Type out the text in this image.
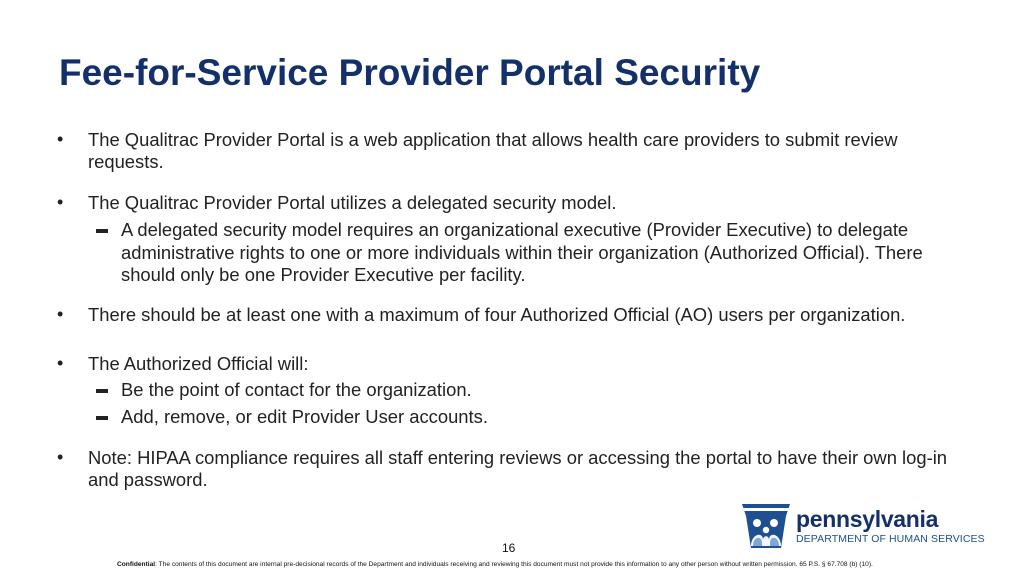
Fee-for-Service Provider Portal Security
• The Qualitrac Provider Portal is a web application that allows health care providers to submit review requests.
• The Qualitrac Provider Portal utilizes a delegated security model.
A delegated security model requires an organizational executive (Provider Executive) to delegate administrative rights to one or more individuals within their organization (Authorized Official). There should only be one Provider Executive per facility.
• There should be at least one with a maximum of four Authorized Official (AO) users per organization.
• The Authorized Official will:
Be the point of contact for the organization.
Add, remove, or edit Provider User accounts.
• Note: HIPAA compliance requires all staff entering reviews or accessing the portal to have their own log-in and password.
16
Confidential: The contents of this document are internal pre-decisional records of the Department and individuals receiving and reviewing this document must not provide this information to any other person without written permission. 65 P.S. § 67.708 (b) (10).
pennsylvania
DEPARTMENT OF HUMAN SERVICES
